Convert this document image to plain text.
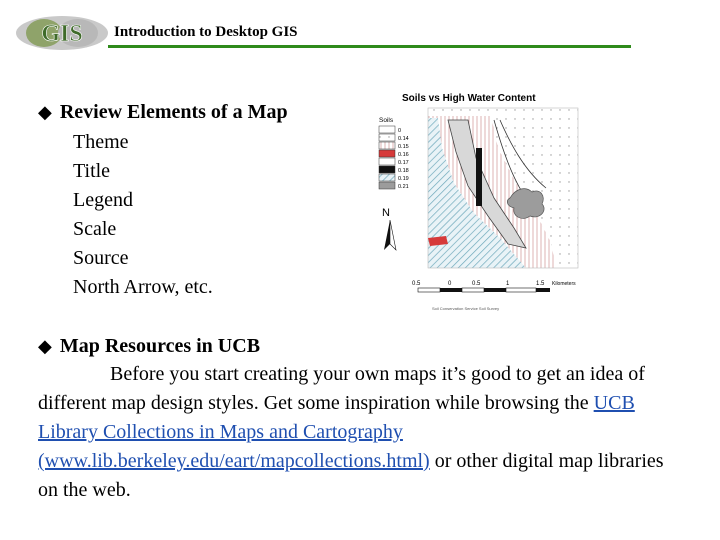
GIS Introduction to Desktop GIS
◆ Review Elements of a Map
Theme
Title
Legend
Scale
Source
North Arrow, etc.
Soils vs High Water Content
Soils
0
0.14
0.15
0.16
0.17
0.18
0.19
0.21
N
0.5	0	0.5	1	1.5 Kilometers
Soil Conservation Service Soil Survey
◆ Map Resources in UCB
Before you start creating your own maps it’s good to get an idea of different map design styles. Get some inspiration while browsing the UCB Library Collections in Maps and Cartography (www.lib.berkeley.edu/eart/mapcollections.html) or other digital map libraries on the web.
